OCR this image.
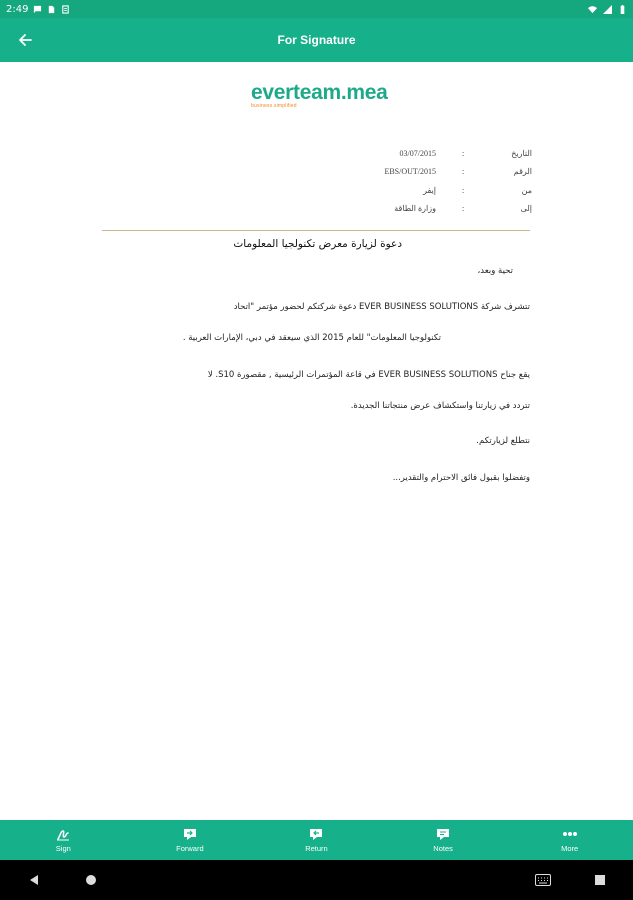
2:49
For Signature
everteam.mea
business.simplified
03/07/2015	:	التاريخ
EBS/OUT/2015	:	الرقم
إيفر	:	من
وزارة الطاقة	:	إلى
دعوة لزيارة معرض تكنولجيا المعلومات
تحية وبعد،
تتشرف شركة EVER BUSINESS SOLUTIONS دعوة شركتكم لحضور مؤتمر "اتحاد
تكنولوجيا المعلومات" للعام 2015 الذي سيعقد في دبي، الإمارات العربية .
يقع جناح EVER BUSINESS SOLUTIONS في قاعة المؤتمرات الرئيسية , مقصورة S10. لا
تتردد في زيارتنا واستكشاف عرض منتجاتنا الجديدة.
نتطلع لزيارتكم.
وتفضلوا بقبول فائق الاحترام والتقدير...
Sign	Forward	Return	Notes	More
